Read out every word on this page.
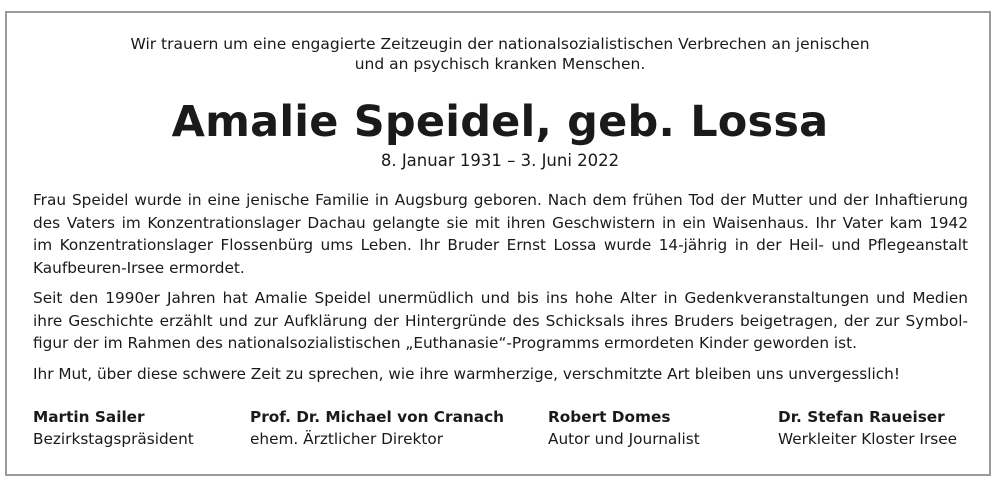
Wir trauern um eine engagierte Zeitzeugin der nationalsozialistischen Verbrechen an jenischen
und an psychisch kranken Menschen.
Amalie Speidel, geb. Lossa
8. Januar 1931 – 3. Juni 2022
Frau Speidel wurde in eine jenische Familie in Augsburg geboren. Nach dem frühen Tod der Mutter und der Inhaftierung
des Vaters im Konzentrationslager Dachau gelangte sie mit ihren Geschwistern in ein Waisenhaus. Ihr Vater kam 1942
im Konzentrationslager Flossenbürg ums Leben. Ihr Bruder Ernst Lossa wurde 14-jährig in der Heil- und Pflegeanstalt
Kaufbeuren-Irsee ermordet.
Seit den 1990er Jahren hat Amalie Speidel unermüdlich und bis ins hohe Alter in Gedenkveranstaltungen und Medien
ihre Geschichte erzählt und zur Aufklärung der Hintergründe des Schicksals ihres Bruders beigetragen, der zur Symbol-
figur der im Rahmen des nationalsozialistischen „Euthanasie“-Programms ermordeten Kinder geworden ist.
Ihr Mut, über diese schwere Zeit zu sprechen, wie ihre warmherzige, verschmitzte Art bleiben uns unvergesslich!
Martin Sailer
Bezirkstagspräsident
Prof. Dr. Michael von Cranach
ehem. Ärztlicher Direktor
Robert Domes
Autor und Journalist
Dr. Stefan Raueiser
Werkleiter Kloster Irsee
